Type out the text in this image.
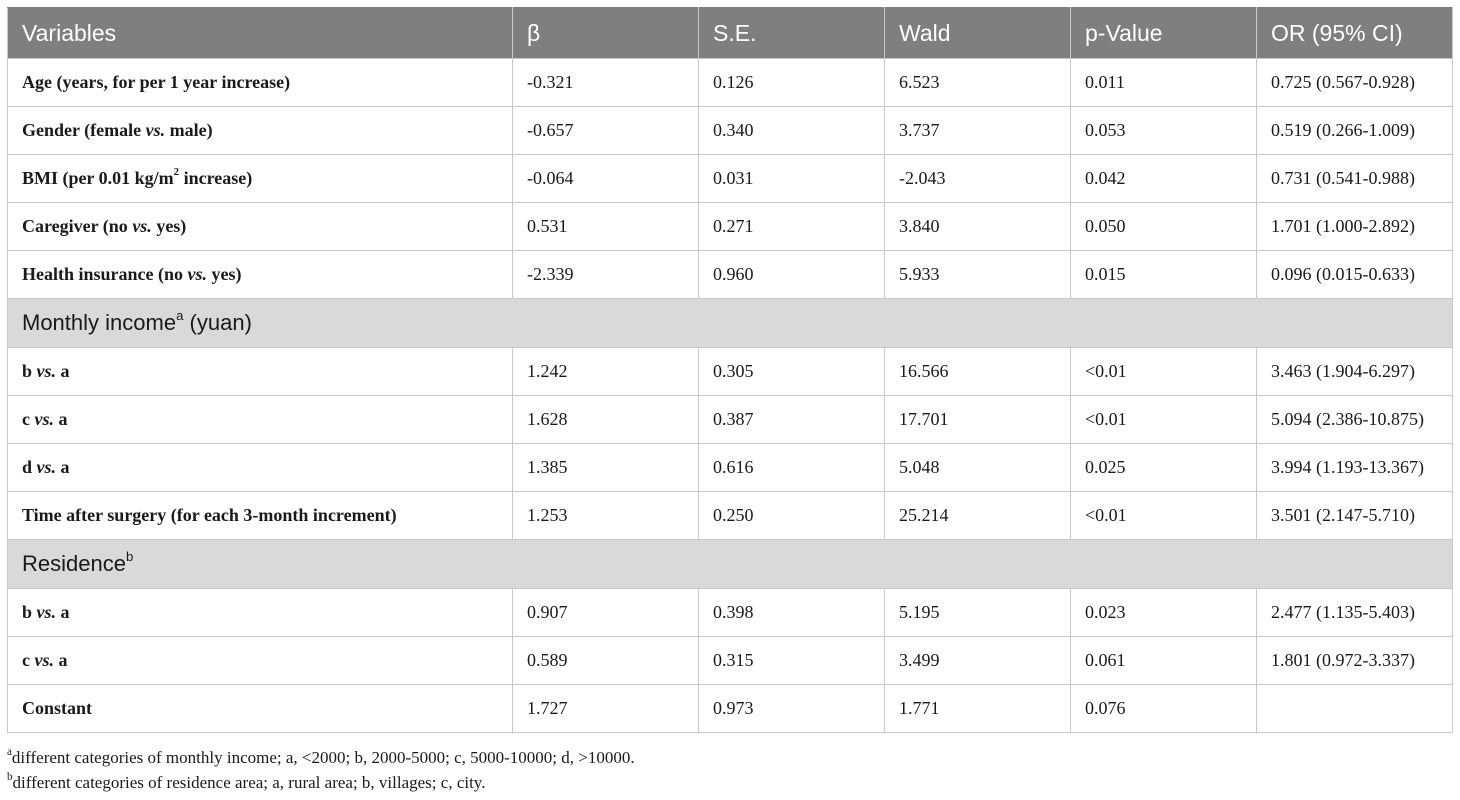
Variables	β	S.E.	Wald	p-Value	OR (95% CI)
Age (years, for per 1 year increase)	-0.321	0.126	6.523	0.011	0.725 (0.567-0.928)
Gender (female vs. male)	-0.657	0.340	3.737	0.053	0.519 (0.266-1.009)
BMI (per 0.01 $kg/m^2$ increase)	-0.064	0.031	-2.043	0.042	0.731 (0.541-0.988)
Caregiver (no vs. yes)	0.531	0.271	3.840	0.050	1.701 (1.000-2.892)
Health insurance (no vs. yes)	-2.339	0.960	5.933	0.015	0.096 (0.015-0.633)
Monthly income$^a$ (yuan)					
b vs. a	1.242	0.305	16.566	<0.01	3.463 (1.904-6.297)
c vs. a	1.628	0.387	17.701	<0.01	5.094 (2.386-10.875)
d vs. a	1.385	0.616	5.048	0.025	3.994 (1.193-13.367)
Time after surgery (for each 3-month increment)	1.253	0.250	25.214	<0.01	3.501 (2.147-5.710)
Residence$^b$
b vs. a	0.907	0.398	5.195	0.023	2.477 (1.135-5.403)
c vs. a	0.589	0.315	3.499	0.061	1.801 (0.972-3.337)
Constant	1.727	0.973	1.771	0.076	
$^a$different categories of monthly income; a, <2000; b, 2000-5000; c, 5000-10000; d, >10000.
$^b$different categories of residence area; a, rural area; b, villages; c, city.
